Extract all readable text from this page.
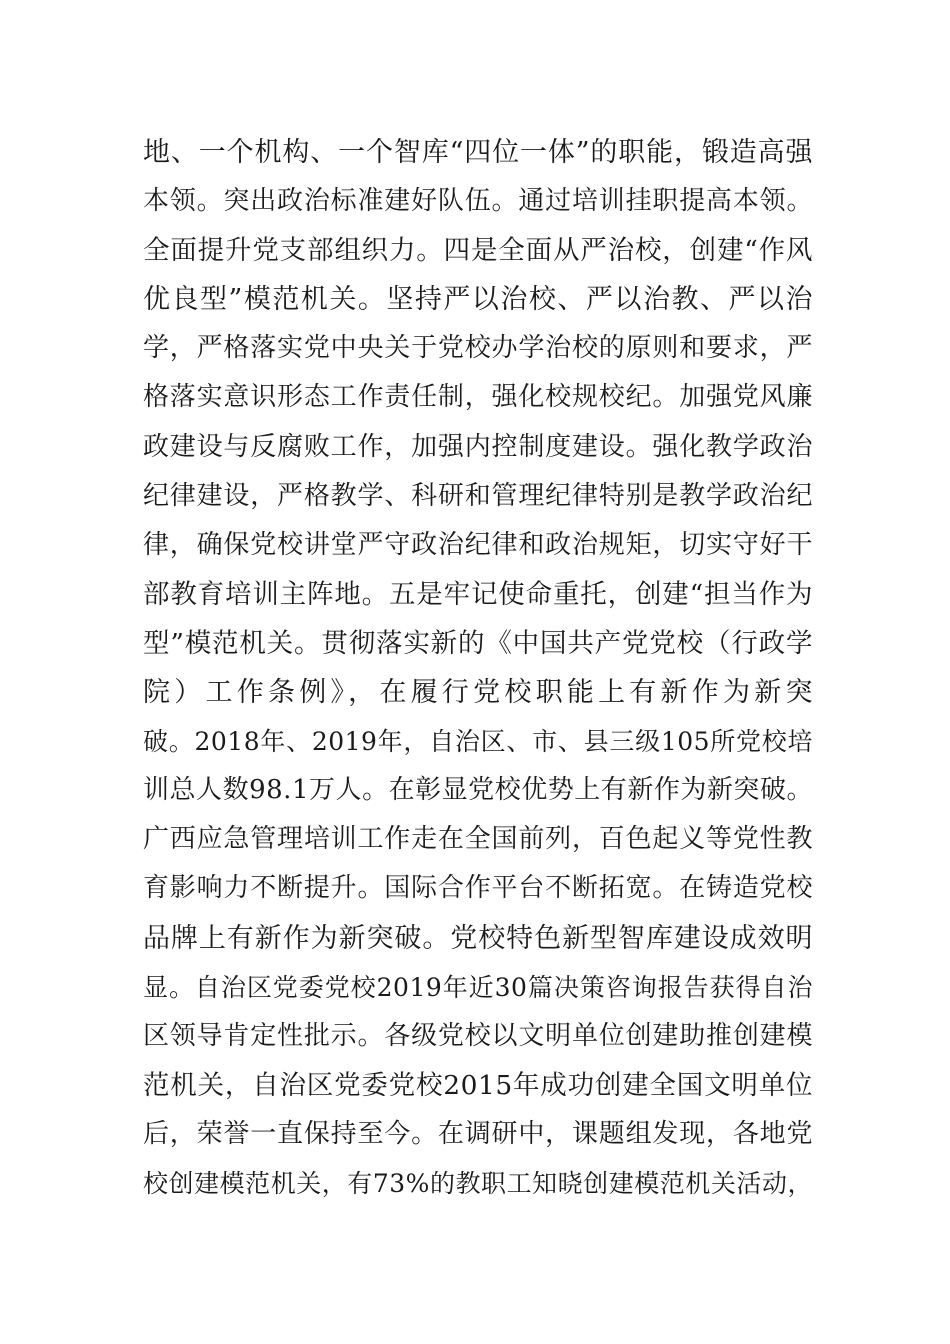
地、一个机构、一个智库“四位一体”的职能，锻造高强
本领。突出政治标准建好队伍。通过培训挂职提高本领。
全面提升党支部组织力。四是全面从严治校，创建“作风
优良型”模范机关。坚持严以治校、严以治教、严以治
学，严格落实党中央关于党校办学治校的原则和要求，严
格落实意识形态工作责任制，强化校规校纪。加强党风廉
政建设与反腐败工作，加强内控制度建设。强化教学政治
纪律建设，严格教学、科研和管理纪律特别是教学政治纪
律，确保党校讲堂严守政治纪律和政治规矩，切实守好干
部教育培训主阵地。五是牢记使命重托，创建“担当作为
型”模范机关。贯彻落实新的《中国共产党党校（行政学
院）工作条例》，在履行党校职能上有新作为新突
破。2018年、2019年，自治区、市、县三级105所党校培
训总人数98.1万人。在彰显党校优势上有新作为新突破。
广西应急管理培训工作走在全国前列，百色起义等党性教
育影响力不断提升。国际合作平台不断拓宽。在铸造党校
品牌上有新作为新突破。党校特色新型智库建设成效明
显。自治区党委党校2019年近30篇决策咨询报告获得自治
区领导肯定性批示。各级党校以文明单位创建助推创建模
范机关，自治区党委党校2015年成功创建全国文明单位
后，荣誉一直保持至今。在调研中，课题组发现，各地党
校创建模范机关，有73%的教职工知晓创建模范机关活动，
